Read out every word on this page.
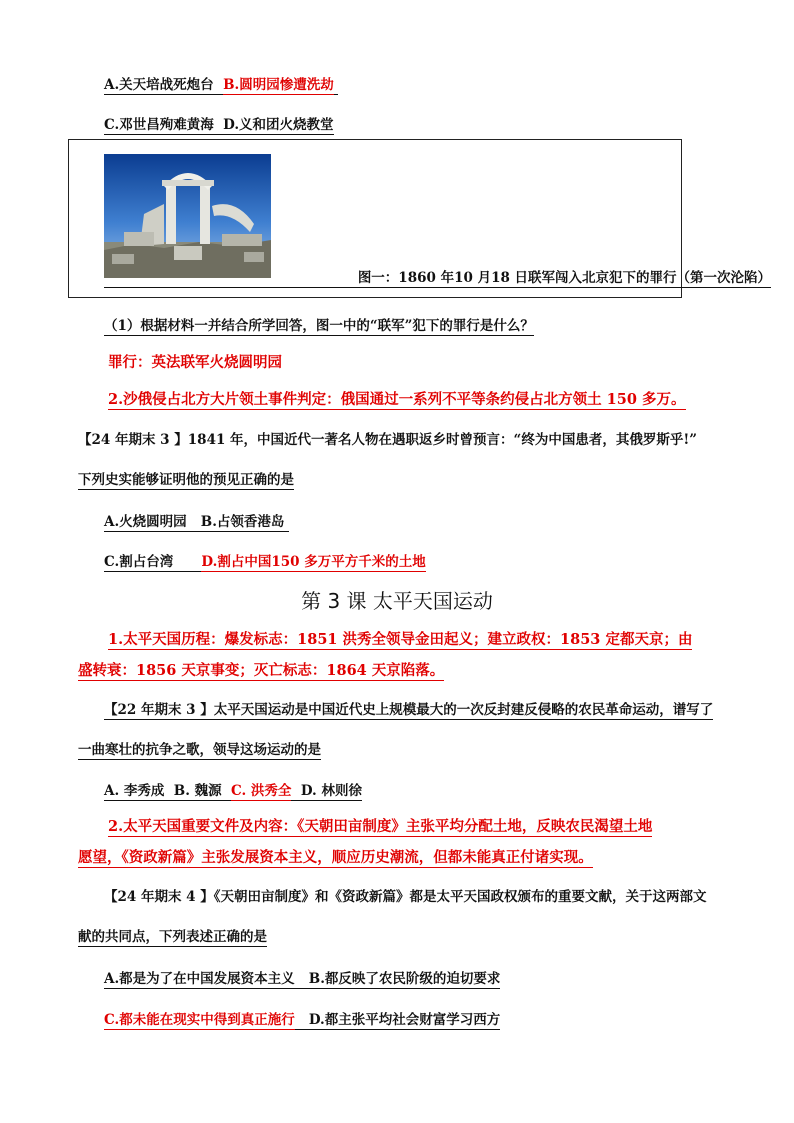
A.关天培战死炮台 B.圆明园惨遭洗劫
C.邓世昌殉难黄海 D.义和团火烧教堂
图一：1860 年10 月18 日联军闯入北京犯下的罪行（第一次沦陷）
（1）根据材料一并结合所学回答，图一中的“联军”犯下的罪行是什么？
罪行：英法联军火烧圆明园
2.沙俄侵占北方大片领土事件判定：俄国通过一系列不平等条约侵占北方领土 150 多万。
【24 年期末 3 】1841 年，中国近代一著名人物在遇职返乡时曾预言：“终为中国患者，其俄罗斯乎!”
下列史实能够证明他的预见正确的是
A.火烧圆明园 B.占领香港岛
C.割占台湾 D.割占中国150 多万平方千米的土地
第 3 课 太平天国运动
1.太平天国历程：爆发标志：1851 洪秀全领导金田起义；建立政权：1853 定都天京；由
盛转衰：1856 天京事变；灭亡标志：1864 天京陷落。
【22 年期末 3 】太平天国运动是中国近代史上规模最大的一次反封建反侵略的农民革命运动，谱写了
一曲寒壮的抗争之歌，领导这场运动的是
A. 李秀成 B. 魏源 C. 洪秀全 D. 林则徐
2.太平天国重要文件及内容：《天朝田亩制度》主张平均分配土地，反映农民渴望土地
愿望，《资政新篇》主张发展资本主义，顺应历史潮流，但都未能真正付诸实现。
【24 年期末 4 】《天朝田亩制度》和《资政新篇》都是太平天国政权颁布的重要文献，关于这两部文
献的共同点，下列表述正确的是
A.都是为了在中国发展资本主义 B.都反映了农民阶级的迫切要求
C.都未能在现实中得到真正施行 D.都主张平均社会财富学习西方
